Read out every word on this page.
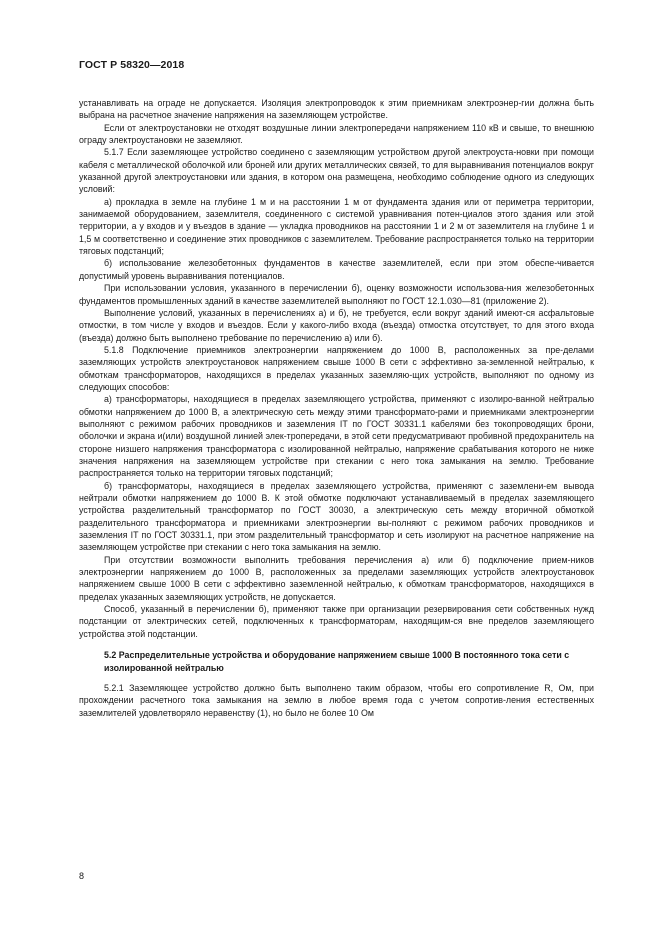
ГОСТ Р 58320—2018

устанавливать на ограде не допускается. Изоляция электропроводок к этим приемникам электроэнер-гии должна быть выбрана на расчетное значение напряжения на заземляющем устройстве.

Если от электроустановки не отходят воздушные линии электропередачи напряжением 110 кВ и свыше, то внешнюю ограду электроустановки не заземляют.

5.1.7 Если заземляющее устройство соединено с заземляющим устройством другой электроуста-новки при помощи кабеля с металлической оболочкой или броней или других металлических связей, то для выравнивания потенциалов вокруг указанной другой электроустановки или здания, в котором она размещена, необходимо соблюдение одного из следующих условий:

а) прокладка в земле на глубине 1 м и на расстоянии 1 м от фундамента здания или от периметра территории, занимаемой оборудованием, заземлителя, соединенного с системой уравнивания потен-циалов этого здания или этой территории, а у входов и у въездов в здание — укладка проводников на расстоянии 1 и 2 м от заземлителя на глубине 1 и 1,5 м соответственно и соединение этих проводников с заземлителем. Требование распространяется только на территории тяговых подстанций;

б) использование железобетонных фундаментов в качестве заземлителей, если при этом обеспе-чивается допустимый уровень выравнивания потенциалов.

При использовании условия, указанного в перечислении б), оценку возможности использова-ния железобетонных фундаментов промышленных зданий в качестве заземлителей выполняют по ГОСТ 12.1.030—81 (приложение 2).

Выполнение условий, указанных в перечислениях а) и б), не требуется, если вокруг зданий имеют-ся асфальтовые отмостки, в том числе у входов и въездов. Если у какого-либо входа (въезда) отмостка отсутствует, то для этого входа (въезда) должно быть выполнено требование по перечислению а) или б).

5.1.8 Подключение приемников электроэнергии напряжением до 1000 В, расположенных за пре-делами заземляющих устройств электроустановок напряжением свыше 1000 В сети с эффективно за-земленной нейтралью, к обмоткам трансформаторов, находящихся в пределах указанных заземляю-щих устройств, выполняют по одному из следующих способов:

а) трансформаторы, находящиеся в пределах заземляющего устройства, применяют с изолиро-ванной нейтралью обмотки напряжением до 1000 В, а электрическую сеть между этими трансформато-рами и приемниками электроэнергии выполняют с режимом рабочих проводников и заземления IT по ГОСТ 30331.1 кабелями без токопроводящих брони, оболочки и экрана и(или) воздушной линией элек-тропередачи, в этой сети предусматривают пробивной предохранитель на стороне низшего напряжения трансформатора с изолированной нейтралью, напряжение срабатывания которого не ниже значения напряжения на заземляющем устройстве при стекании с него тока замыкания на землю. Требование распространяется только на территории тяговых подстанций;

б) трансформаторы, находящиеся в пределах заземляющего устройства, применяют с заземлени-ем вывода нейтрали обмотки напряжением до 1000 В. К этой обмотке подключают устанавливаемый в пределах заземляющего устройства разделительный трансформатор по ГОСТ 30030, а электрическую сеть между вторичной обмоткой разделительного трансформатора и приемниками электроэнергии вы-полняют с режимом рабочих проводников и заземления IT по ГОСТ 30331.1, при этом разделительный трансформатор и сеть изолируют на расчетное напряжение на заземляющем устройстве при стекании с него тока замыкания на землю.

При отсутствии возможности выполнить требования перечисления а) или б) подключение прием-ников электроэнергии напряжением до 1000 В, расположенных за пределами заземляющих устройств электроустановок напряжением свыше 1000 В сети с эффективно заземленной нейтралью, к обмоткам трансформаторов, находящихся в пределах указанных заземляющих устройств, не допускается.

Способ, указанный в перечислении б), применяют также при организации резервирования сети собственных нужд подстанции от электрических сетей, подключенных к трансформаторам, находящим-ся вне пределов заземляющего устройства этой подстанции.

5.2 Распределительные устройства и оборудование напряжением свыше 1000 В постоянного тока сети с изолированной нейтралью

5.2.1 Заземляющее устройство должно быть выполнено таким образом, чтобы его сопротивление R, Ом, при прохождении расчетного тока замыкания на землю в любое время года с учетом сопротив-ления естественных заземлителей удовлетворяло неравенству (1), но было не более 10 Ом

8
